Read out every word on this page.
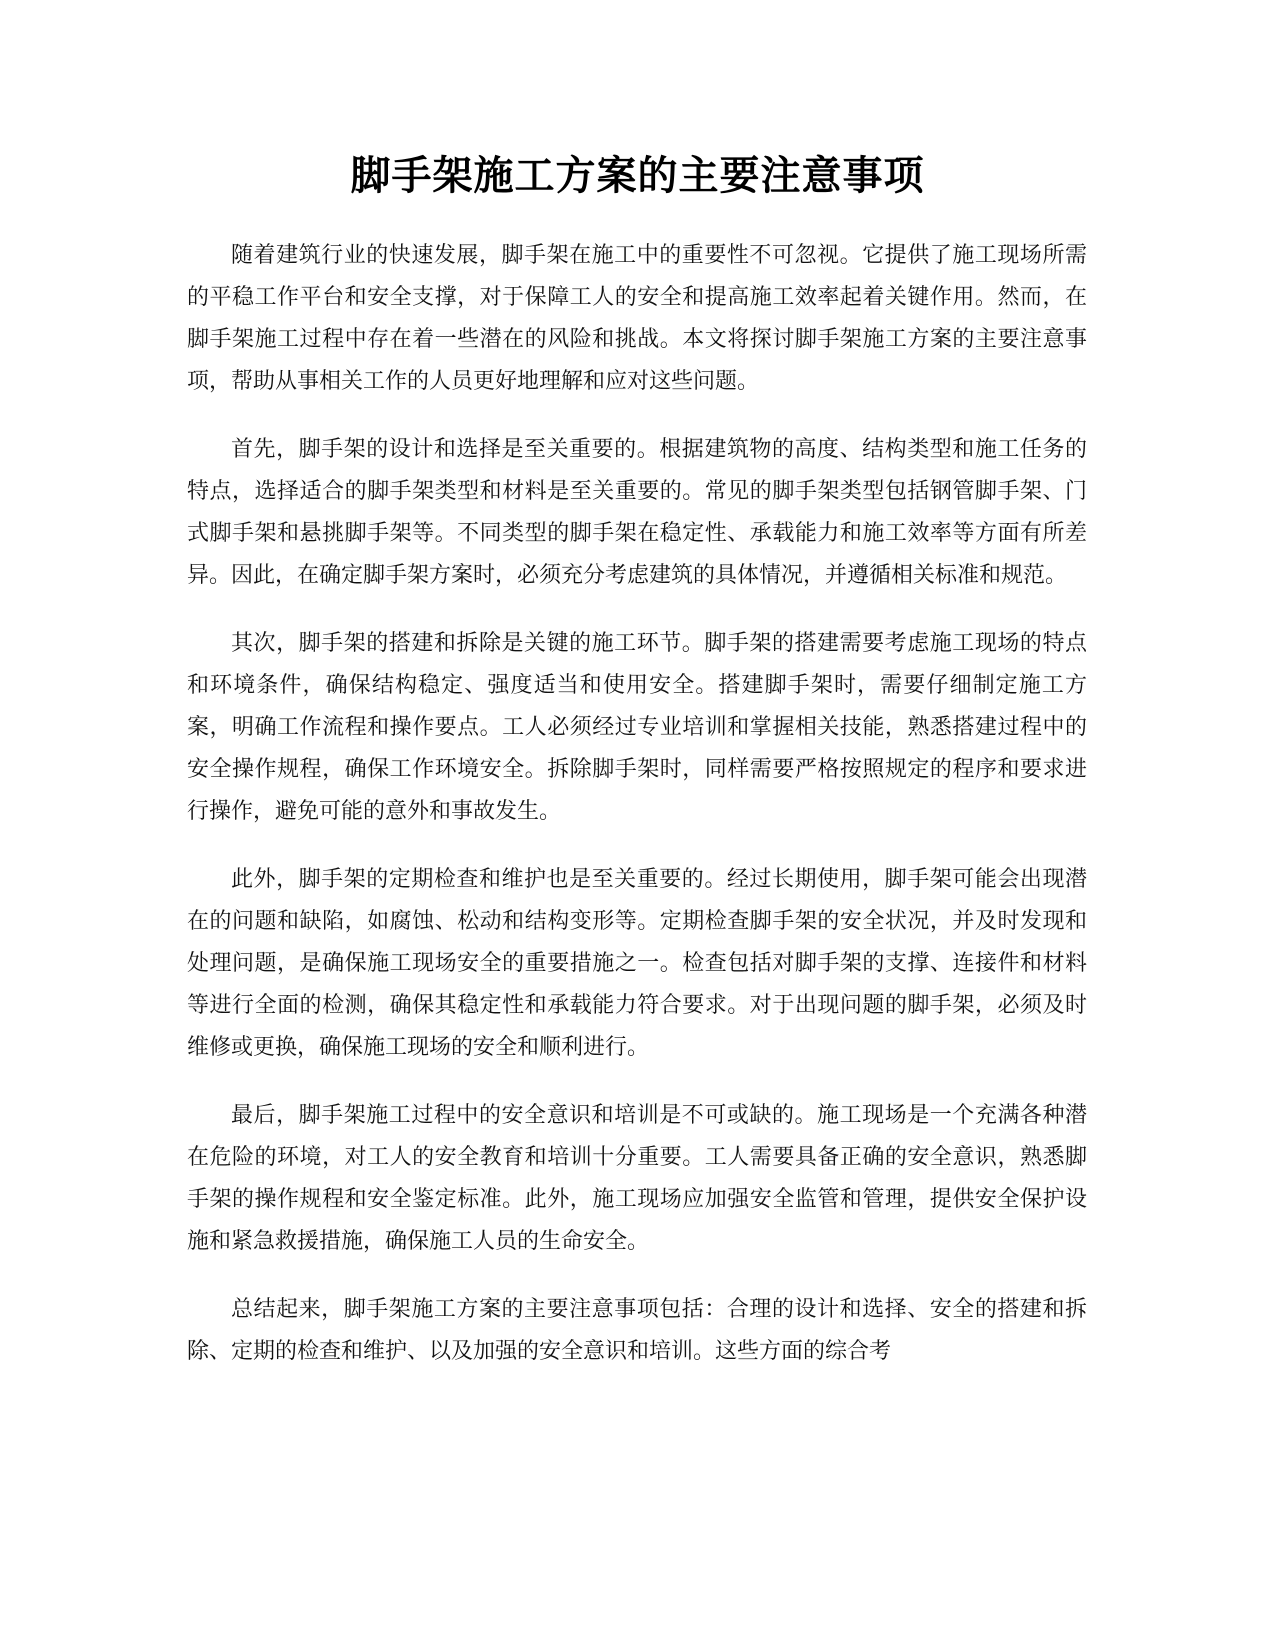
脚手架施工方案的主要注意事项

随着建筑行业的快速发展，脚手架在施工中的重要性不可忽视。它提供了施工现场所需的平稳工作平台和安全支撑，对于保障工人的安全和提高施工效率起着关键作用。然而，在脚手架施工过程中存在着一些潜在的风险和挑战。本文将探讨脚手架施工方案的主要注意事项，帮助从事相关工作的人员更好地理解和应对这些问题。

首先，脚手架的设计和选择是至关重要的。根据建筑物的高度、结构类型和施工任务的特点，选择适合的脚手架类型和材料是至关重要的。常见的脚手架类型包括钢管脚手架、门式脚手架和悬挑脚手架等。不同类型的脚手架在稳定性、承载能力和施工效率等方面有所差异。因此，在确定脚手架方案时，必须充分考虑建筑的具体情况，并遵循相关标准和规范。

其次，脚手架的搭建和拆除是关键的施工环节。脚手架的搭建需要考虑施工现场的特点和环境条件，确保结构稳定、强度适当和使用安全。搭建脚手架时，需要仔细制定施工方案，明确工作流程和操作要点。工人必须经过专业培训和掌握相关技能，熟悉搭建过程中的安全操作规程，确保工作环境安全。拆除脚手架时，同样需要严格按照规定的程序和要求进行操作，避免可能的意外和事故发生。

此外，脚手架的定期检查和维护也是至关重要的。经过长期使用，脚手架可能会出现潜在的问题和缺陷，如腐蚀、松动和结构变形等。定期检查脚手架的安全状况，并及时发现和处理问题，是确保施工现场安全的重要措施之一。检查包括对脚手架的支撑、连接件和材料等进行全面的检测，确保其稳定性和承载能力符合要求。对于出现问题的脚手架，必须及时维修或更换，确保施工现场的安全和顺利进行。

最后，脚手架施工过程中的安全意识和培训是不可或缺的。施工现场是一个充满各种潜在危险的环境，对工人的安全教育和培训十分重要。工人需要具备正确的安全意识，熟悉脚手架的操作规程和安全鉴定标准。此外，施工现场应加强安全监管和管理，提供安全保护设施和紧急救援措施，确保施工人员的生命安全。

总结起来，脚手架施工方案的主要注意事项包括：合理的设计和选择、安全的搭建和拆除、定期的检查和维护、以及加强的安全意识和培训。这些方面的综合考
